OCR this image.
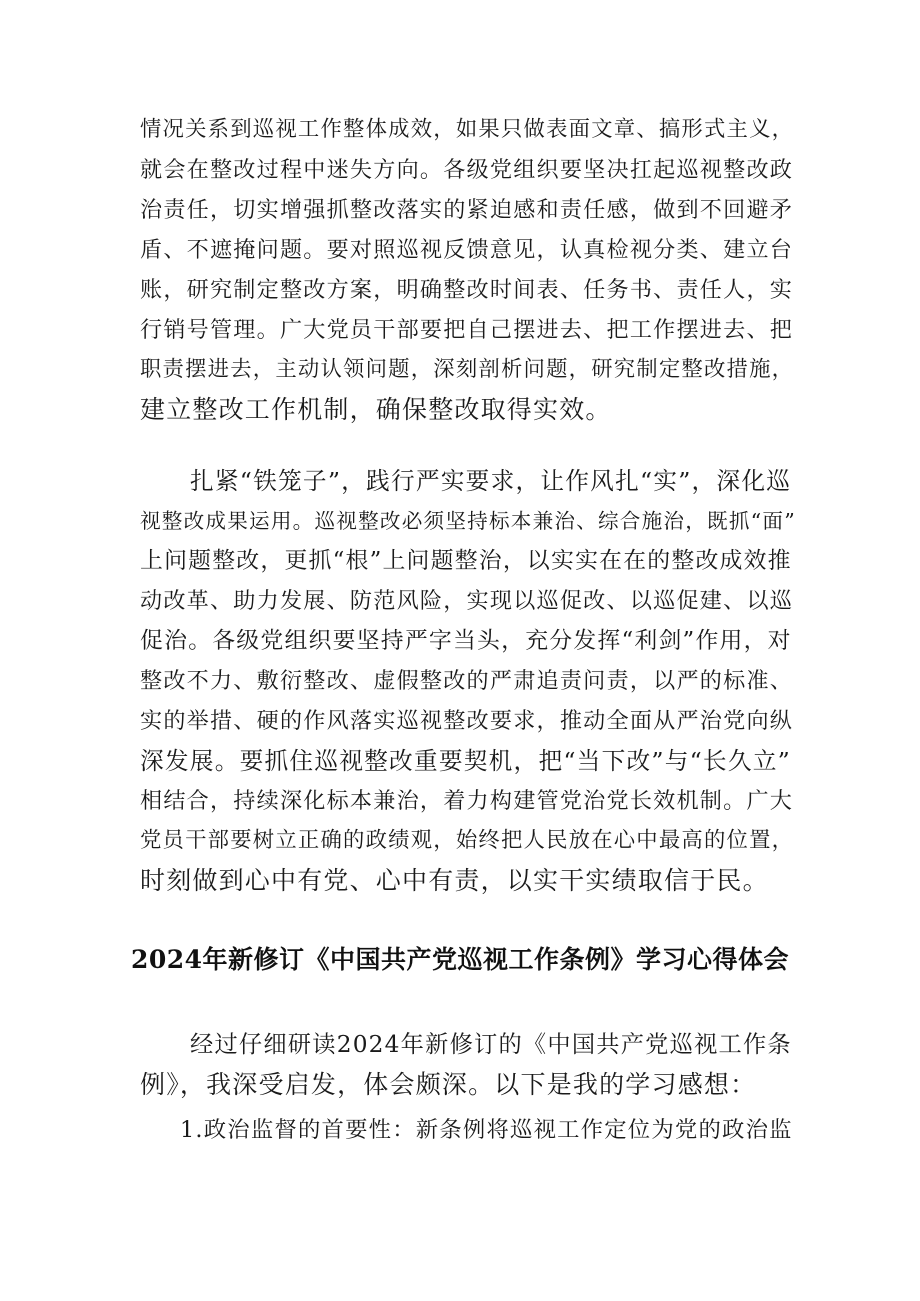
情况关系到巡视工作整体成效，如果只做表面文章、搞形式主义，
就会在整改过程中迷失方向。各级党组织要坚决扛起巡视整改政
治责任，切实增强抓整改落实的紧迫感和责任感，做到不回避矛
盾、不遮掩问题。要对照巡视反馈意见，认真检视分类、建立台
账，研究制定整改方案，明确整改时间表、任务书、责任人，实
行销号管理。广大党员干部要把自己摆进去、把工作摆进去、把
职责摆进去，主动认领问题，深刻剖析问题，研究制定整改措施，
建立整改工作机制，确保整改取得实效。
扎紧“铁笼子”，践行严实要求，让作风扎“实”，深化巡
视整改成果运用。巡视整改必须坚持标本兼治、综合施治，既抓“面”
上问题整改，更抓“根”上问题整治，以实实在在的整改成效推
动改革、助力发展、防范风险，实现以巡促改、以巡促建、以巡
促治。各级党组织要坚持严字当头，充分发挥“利剑”作用，对
整改不力、敷衍整改、虚假整改的严肃追责问责，以严的标准、
实的举措、硬的作风落实巡视整改要求，推动全面从严治党向纵
深发展。要抓住巡视整改重要契机，把“当下改”与“长久立”
相结合，持续深化标本兼治，着力构建管党治党长效机制。广大
党员干部要树立正确的政绩观，始终把人民放在心中最高的位置，
时刻做到心中有党、心中有责，以实干实绩取信于民。
2024年新修订《中国共产党巡视工作条例》学习心得体会
经过仔细研读2024年新修订的《中国共产党巡视工作条
例》，我深受启发，体会颇深。以下是我的学习感想：
1.政治监督的首要性：新条例将巡视工作定位为党的政治监
